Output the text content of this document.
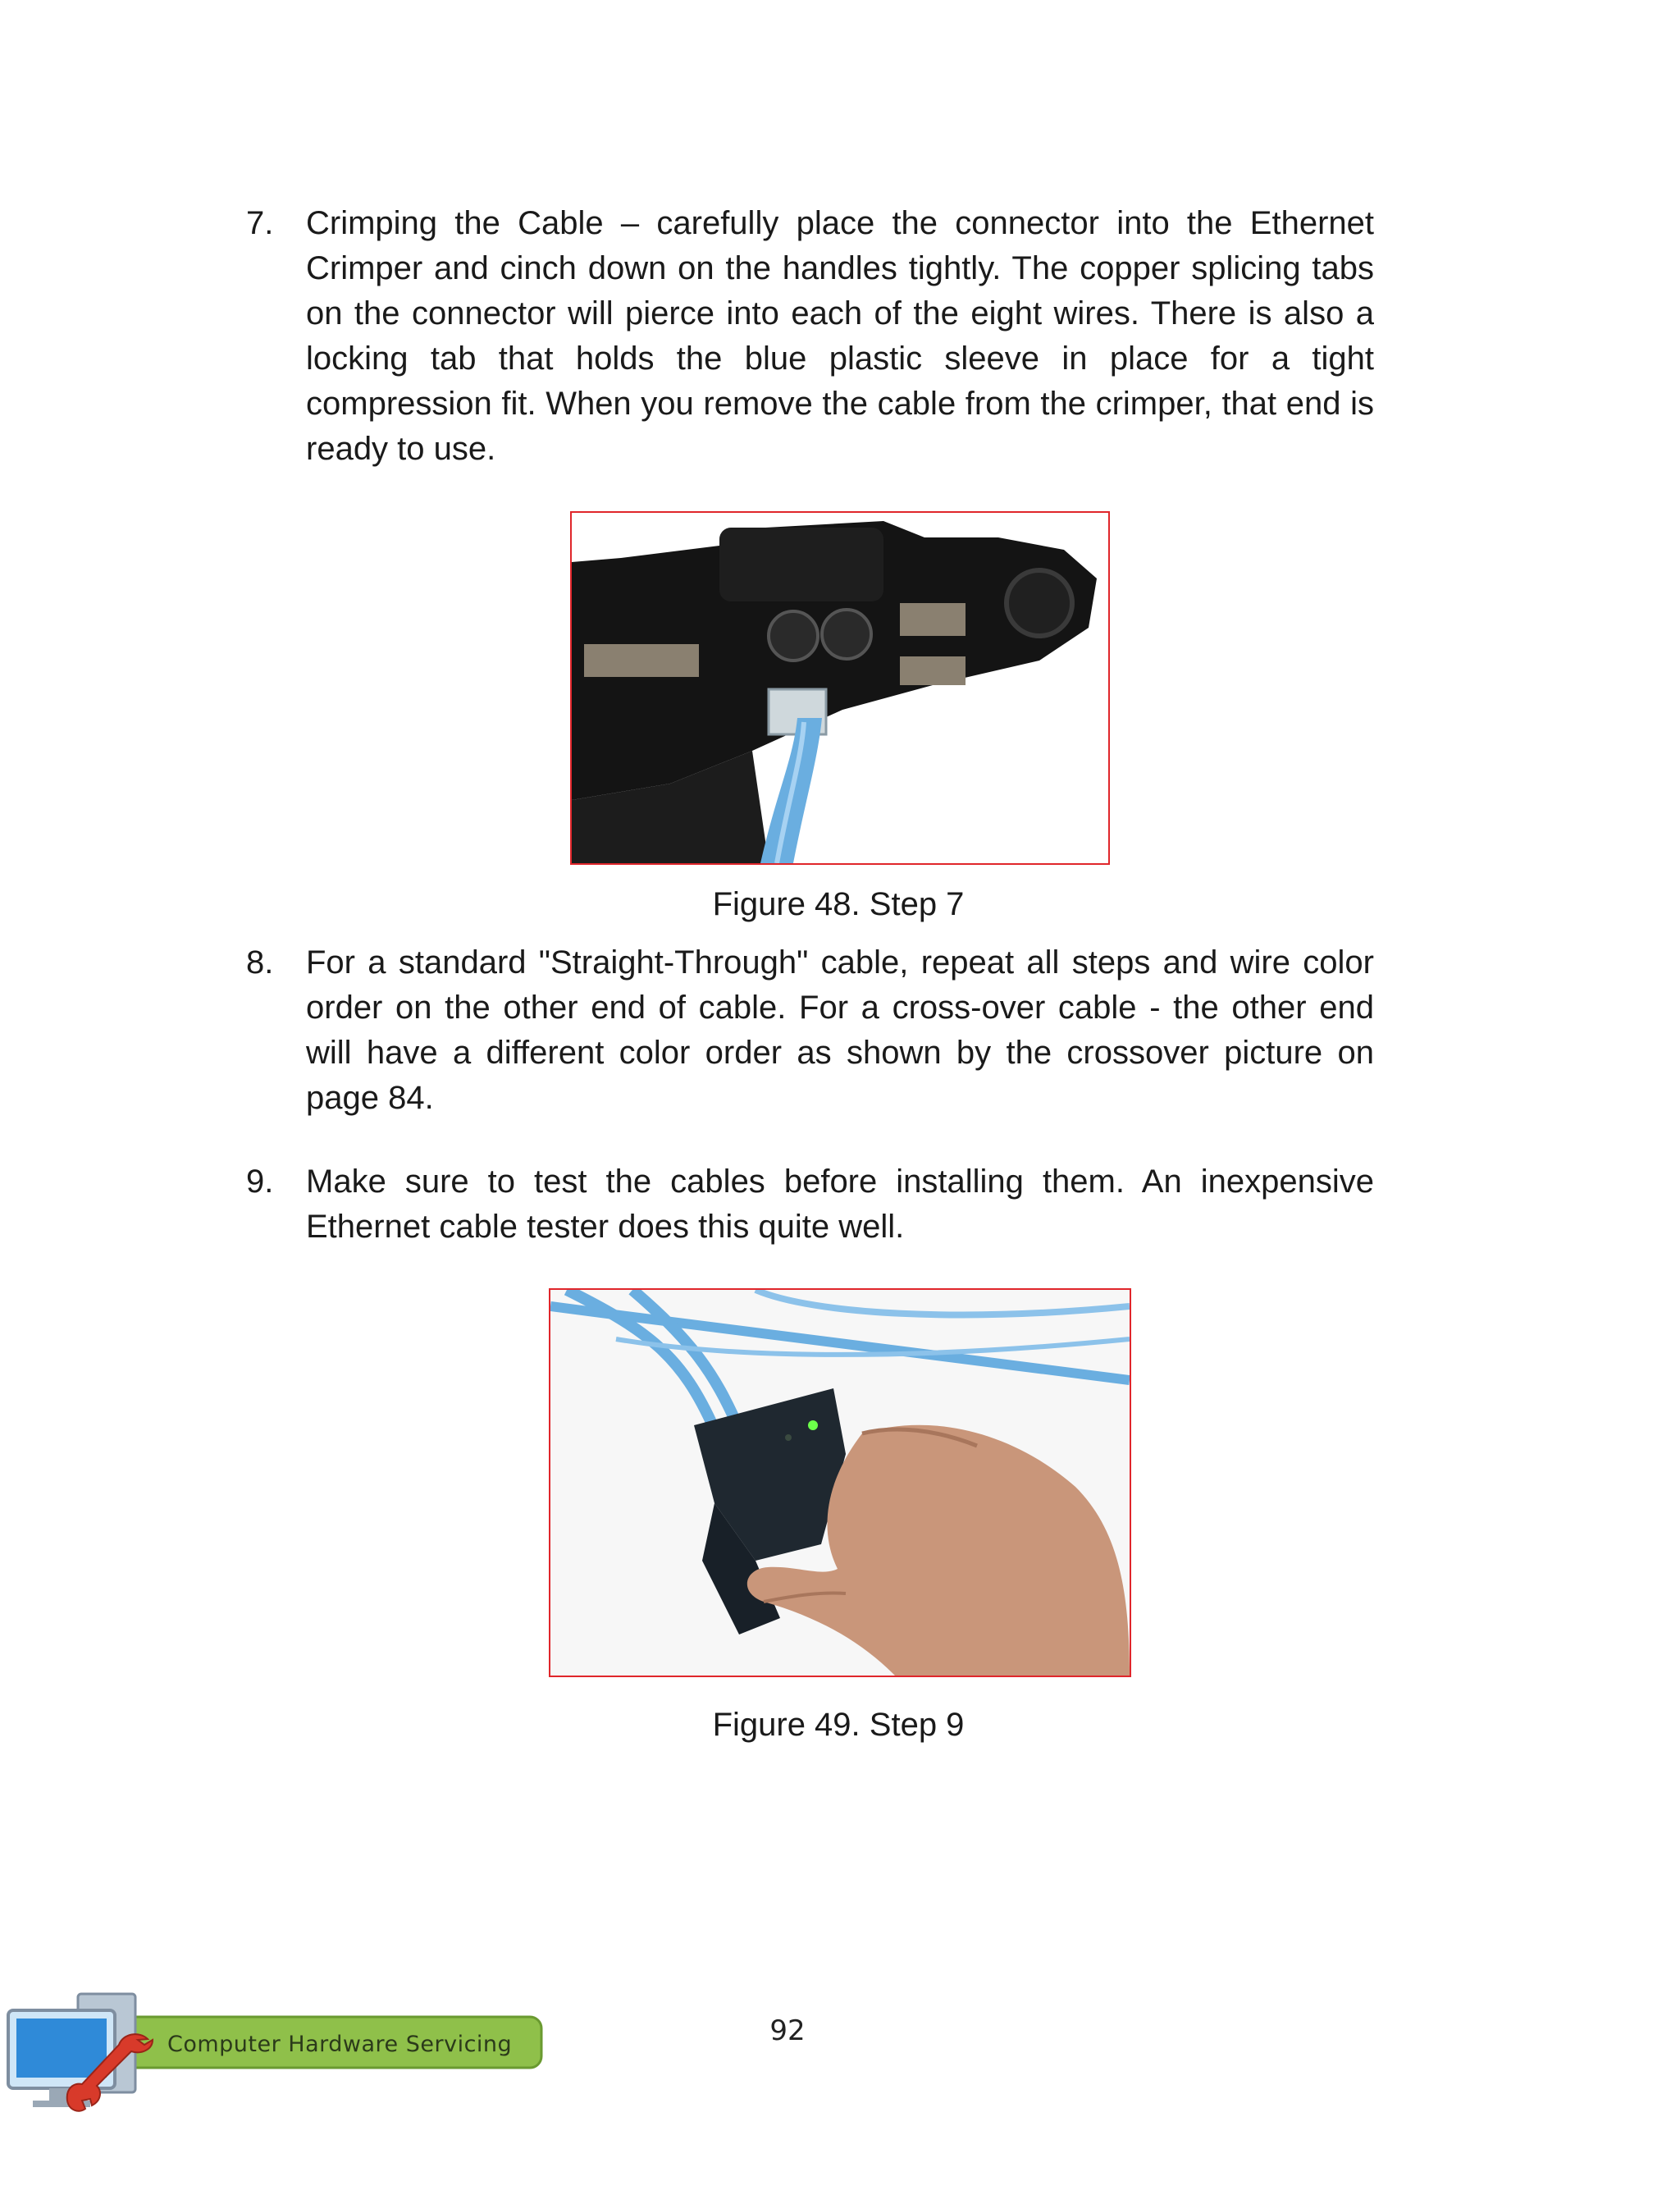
7. Crimping the Cable – carefully place the connector into the Ethernet Crimper and cinch down on the handles tightly. The copper splicing tabs on the connector will pierce into each of the eight wires. There is also a locking tab that holds the blue plastic sleeve in place for a tight compression fit. When you remove the cable from the crimper, that end is ready to use.
Figure 48. Step 7
8. For a standard "Straight-Through" cable, repeat all steps and wire color order on the other end of cable. For a cross-over cable - the other end will have a different color order as shown by the crossover picture on page 84.
9. Make sure to test the cables before installing them. An inexpensive Ethernet cable tester does this quite well.
Figure 49. Step 9
92
Computer Hardware Servicing
